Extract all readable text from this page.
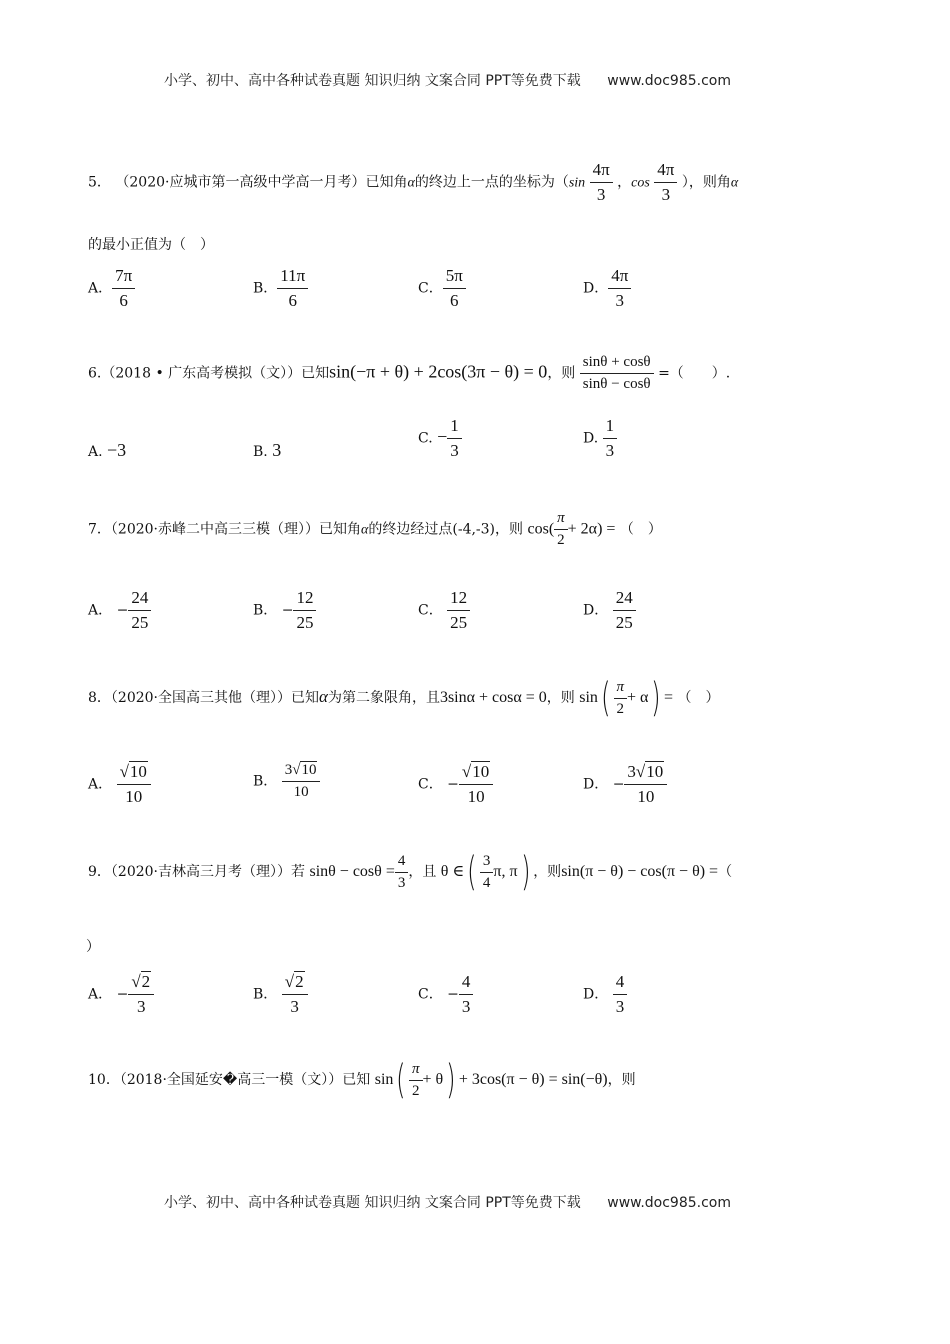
小学、初中、高中各种试卷真题 知识归纳 文案合同 PPT等免费下载 www.doc985.com
5． （2020·应城市第一高级中学高一月考）已知角α的终边上一点的坐标为（$\sin \frac{4\pi}{3}$ ，$\cos \frac{4\pi}{3}$ ），则角α
的最小正值为（　）
A． $\frac{7\pi}{6}$	B． $\frac{11\pi}{6}$	C． $\frac{5\pi}{6}$	D． $\frac{4\pi}{3}$
6.（2018 • 广东高考模拟（文））已知sin(−π + θ) + 2cos(3π − θ) = 0，则 $\frac{\sin\theta + \cos\theta}{\sin\theta - \cos\theta}$ =（　　）.
A. −3	B. 3
C. − $\frac{1}{3}$	D. $\frac{1}{3}$
7．（2020·赤峰二中高三三模（理））已知角α的终边经过点(-4,-3)，则 $\cos( \frac{\pi}{2} + 2\alpha)$ = （　）
A． − $\frac{24}{25}$	B． − $\frac{12}{25}$	C． $\frac{12}{25}$	D． $\frac{24}{25}$
8．（2020·全国高三其他（理））已知α为第二象限角，且3sinα + cosα = 0，则 $\sin( \frac{\pi}{2} + \alpha)$ = （　）
A． $\frac{√10}{10}$	B． $\frac{3√10}{10}$	C． − $\frac{√10}{10}$	D． − $\frac{3√10}{10}$
9．（2020·吉林高三月考（理））若 $\sin\theta - \cos\theta = \frac{4}{3}$ ，且 θ ∈( $\frac{3}{4} \pi$, π) ，则sin(π − θ) − cos(π − θ) =（
）
A． − $\frac{√2}{3}$	B． $\frac{√2}{3}$	C． − $\frac{4}{3}$	D． $\frac{4}{3}$
10．（2018·全国延安�高三一模（文））已知 $\sin( \frac{\pi}{2} + \theta) + 3\cos(\pi - \theta) = \sin(-\theta)$，则
小学、初中、高中各种试卷真题 知识归纳 文案合同 PPT等免费下载 www.doc985.com
